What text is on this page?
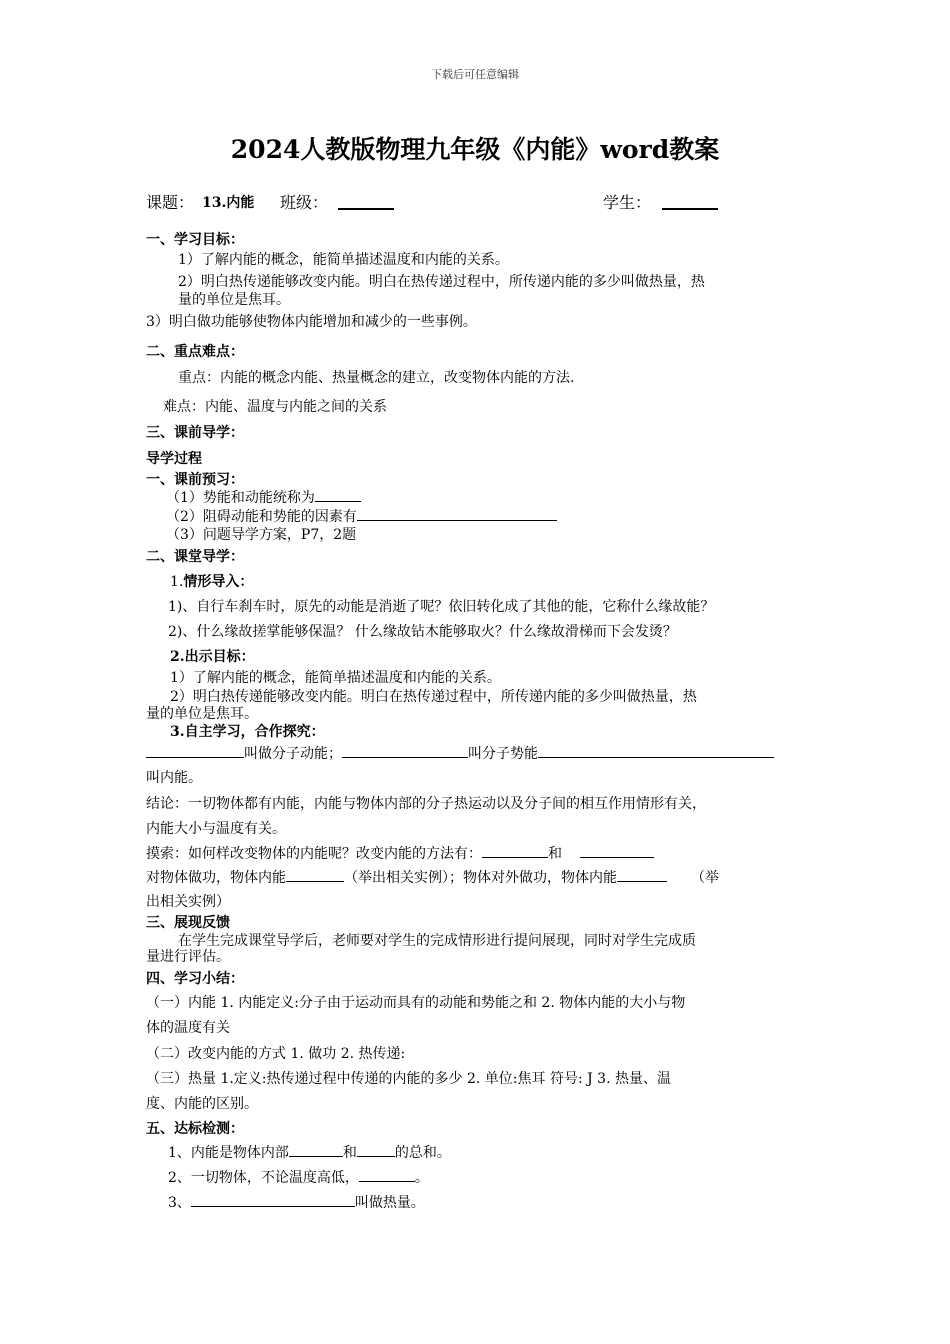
下载后可任意编辑
2024人教版物理九年级《内能》word教案
课题： 13.内能 班级：	学生：
一、学习目标：
1）了解内能的概念，能简单描述温度和内能的关系。
2）明白热传递能够改变内能。明白在热传递过程中，所传递内能的多少叫做热量，热
量的单位是焦耳。
3）明白做功能够使物体内能增加和减少的一些事例。
二、重点难点：
重点：内能的概念内能、热量概念的建立，改变物体内能的方法.
难点：内能、温度与内能之间的关系
三、课前导学：
导学过程
一、课前预习：
（1）势能和动能统称为
（2）阻碍动能和势能的因素有
（3）问题导学方案，P7，2题
二、课堂导学：
1.情形导入：
1)、自行车刹车时，原先的动能是消逝了呢？依旧转化成了其他的能，它称什么缘故能？
2)、什么缘故搓掌能够保温？ 什么缘故钻木能够取火？什么缘故滑梯而下会发烫？
2.出示目标：
1）了解内能的概念，能简单描述温度和内能的关系。
2）明白热传递能够改变内能。明白在热传递过程中，所传递内能的多少叫做热量，热
量的单位是焦耳。
3.自主学习，合作探究：
叫做分子动能；	叫分子势能
叫内能。
结论：一切物体都有内能，内能与物体内部的分子热运动以及分子间的相互作用情形有关，
内能大小与温度有关。
摸索：如何样改变物体的内能呢？改变内能的方法有：	和
对物体做功，物体内能	（举出相关实例）；物体对外做功，物体内能	（举
出相关实例）
三、展现反馈
在学生完成课堂导学后，老师要对学生的完成情形进行提问展现，同时对学生完成质
量进行评估。
四、学习小结：
（一）内能 1. 内能定义:分子由于运动而具有的动能和势能之和 2. 物体内能的大小与物
体的温度有关
（二）改变内能的方式 1. 做功 2. 热传递:
（三）热量 1.定义:热传递过程中传递的内能的多少 2. 单位:焦耳 符号: J 3. 热量、温
度、内能的区别。
五、达标检测：
1、内能是物体内部	和	的总和。
2、一切物体，不论温度高低，	。
3、	叫做热量。
